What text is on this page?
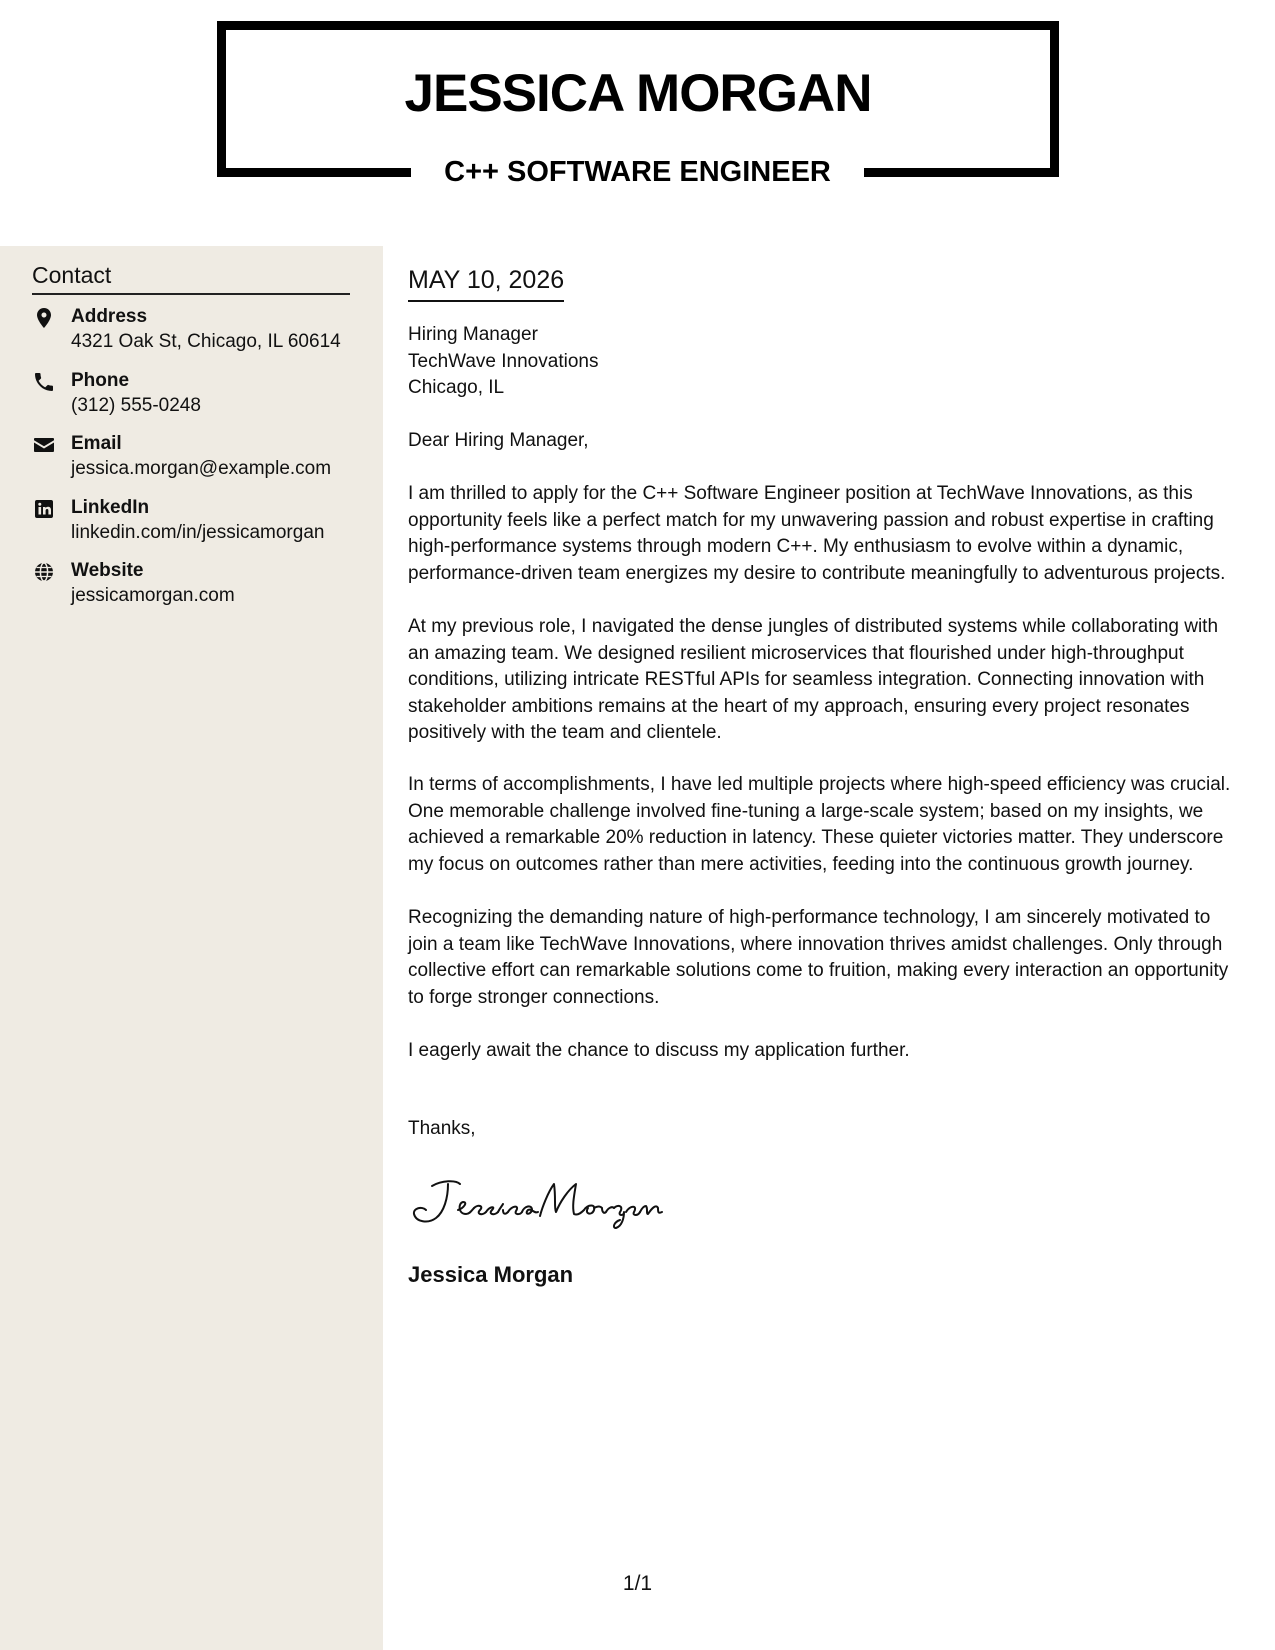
JESSICA MORGAN
C++ SOFTWARE ENGINEER
Contact
Address
4321 Oak St, Chicago, IL 60614
Phone
(312) 555-0248
Email
jessica.morgan@example.com
LinkedIn
linkedin.com/in/jessicamorgan
Website
jessicamorgan.com
MAY 10, 2026
Hiring Manager
TechWave Innovations
Chicago, IL
Dear Hiring Manager,

I am thrilled to apply for the C++ Software Engineer position at TechWave Innovations, as this opportunity feels like a perfect match for my unwavering passion and robust expertise in crafting high-performance systems through modern C++. My enthusiasm to evolve within a dynamic, performance-driven team energizes my desire to contribute meaningfully to adventurous projects.

At my previous role, I navigated the dense jungles of distributed systems while collaborating with an amazing team. We designed resilient microservices that flourished under high-throughput conditions, utilizing intricate RESTful APIs for seamless integration. Connecting innovation with stakeholder ambitions remains at the heart of my approach, ensuring every project resonates positively with the team and clientele.

In terms of accomplishments, I have led multiple projects where high-speed efficiency was crucial. One memorable challenge involved fine-tuning a large-scale system; based on my insights, we achieved a remarkable 20% reduction in latency. These quieter victories matter. They underscore my focus on outcomes rather than mere activities, feeding into the continuous growth journey.

Recognizing the demanding nature of high-performance technology, I am sincerely motivated to join a team like TechWave Innovations, where innovation thrives amidst challenges. Only through collective effort can remarkable solutions come to fruition, making every interaction an opportunity to forge stronger connections.

I eagerly await the chance to discuss my application further.

Thanks,
Jessica Morgan
1/1
